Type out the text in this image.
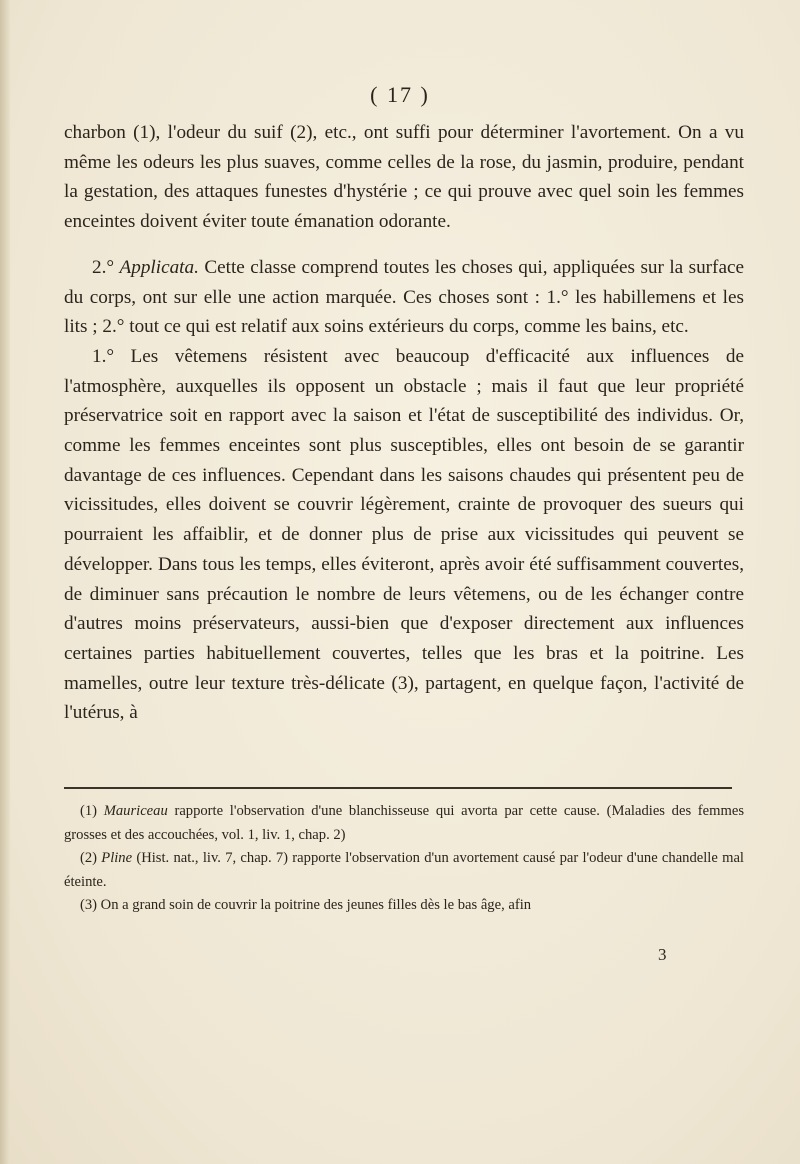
( 17 )

charbon (1), l'odeur du suif (2), etc., ont suffi pour déterminer l'avortement. On a vu même les odeurs les plus suaves, comme celles de la rose, du jasmin, produire, pendant la gestation, des attaques funestes d'hystérie ; ce qui prouve avec quel soin les femmes enceintes doivent éviter toute émanation odorante.

2.° Applicata. Cette classe comprend toutes les choses qui, appliquées sur la surface du corps, ont sur elle une action marquée. Ces choses sont : 1.° les habillemens et les lits ; 2.° tout ce qui est relatif aux soins extérieurs du corps, comme les bains, etc.

1.° Les vêtemens résistent avec beaucoup d'efficacité aux influences de l'atmosphère, auxquelles ils opposent un obstacle ; mais il faut que leur propriété préservatrice soit en rapport avec la saison et l'état de susceptibilité des individus. Or, comme les femmes enceintes sont plus susceptibles, elles ont besoin de se garantir davantage de ces influences. Cependant dans les saisons chaudes qui présentent peu de vicissitudes, elles doivent se couvrir légèrement, crainte de provoquer des sueurs qui pourraient les affaiblir, et de donner plus de prise aux vicissitudes qui peuvent se développer. Dans tous les temps, elles éviteront, après avoir été suffisamment couvertes, de diminuer sans précaution le nombre de leurs vêtemens, ou de les échanger contre d'autres moins préservateurs, aussi-bien que d'exposer directement aux influences certaines parties habituellement couvertes, telles que les bras et la poitrine. Les mamelles, outre leur texture très-délicate (3), partagent, en quelque façon, l'activité de l'utérus, à

(1) Mauriceau rapporte l'observation d'une blanchisseuse qui avorta par cette cause. (Maladies des femmes grosses et des accouchées, vol. 1, liv. 1, chap. 2)

(2) Pline (Hist. nat., liv. 7, chap. 7) rapporte l'observation d'un avortement causé par l'odeur d'une chandelle mal éteinte.

(3) On a grand soin de couvrir la poitrine des jeunes filles dès le bas âge, afin

3
